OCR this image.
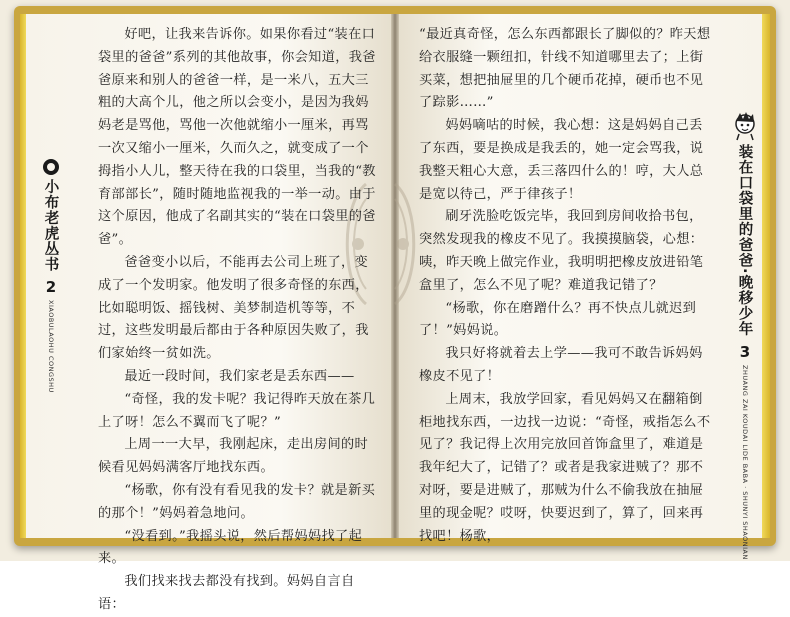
小布老虎丛书
2
XIAOBULAOHU CONGSHU

好吧，让我来告诉你。如果你看过“装在口袋里的爸爸”系列的其他故事，你会知道，我爸爸原来和别人的爸爸一样，是一米八，五大三粗的大高个儿，他之所以会变小，是因为我妈妈老是骂他，骂他一次他就缩小一厘米，再骂一次又缩小一厘米，久而久之，就变成了一个拇指小人儿，整天待在我的口袋里，当我的“教育部部长”，随时随地监视我的一举一动。由于这个原因，他成了名副其实的“装在口袋里的爸爸”。

爸爸变小以后，不能再去公司上班了，变成了一个发明家。他发明了很多奇怪的东西，比如聪明饭、摇钱树、美梦制造机等等，不过，这些发明最后都由于各种原因失败了，我们家始终一贫如洗。

最近一段时间，我们家老是丢东西——

“奇怪，我的发卡呢？我记得昨天放在茶几上了呀！怎么不翼而飞了呢？”

上周一一大早，我刚起床，走出房间的时候看见妈妈满客厅地找东西。

“杨歌，你有没有看见我的发卡？就是新买的那个！”妈妈着急地问。

“没看到。”我摇头说，然后帮妈妈找了起来。

我们找来找去都没有找到。妈妈自言自语：

“最近真奇怪，怎么东西都跟长了脚似的？昨天想给衣服缝一颗纽扣，针线不知道哪里去了；上街买菜，想把抽屉里的几个硬币花掉，硬币也不见了踪影……”

妈妈嘀咕的时候，我心想：这是妈妈自己丢了东西，要是换成是我丢的，她一定会骂我，说我整天粗心大意，丢三落四什么的！哼，大人总是宽以待己，严于律孩子！

刷牙洗脸吃饭完毕，我回到房间收拾书包，突然发现我的橡皮不见了。我摸摸脑袋，心想：咦，昨天晚上做完作业，我明明把橡皮放进铅笔盒里了，怎么不见了呢？难道我记错了？

“杨歌，你在磨蹭什么？再不快点儿就迟到了！”妈妈说。

我只好将就着去上学——我可不敢告诉妈妈橡皮不见了！

上周末，我放学回家，看见妈妈又在翻箱倒柜地找东西，一边找一边说：“奇怪，戒指怎么不见了？我记得上次用完放回首饰盒里了，难道是我年纪大了，记错了？或者是我家进贼了？那不对呀，要是进贼了，那贼为什么不偷我放在抽屉里的现金呢？哎呀，快要迟到了，算了，回来再找吧！杨歌，

装在口袋里的爸爸·晚移少年
3
ZHUANG ZAI KOUDAI LIDE BABA · SHUNYI SHAONIAN
